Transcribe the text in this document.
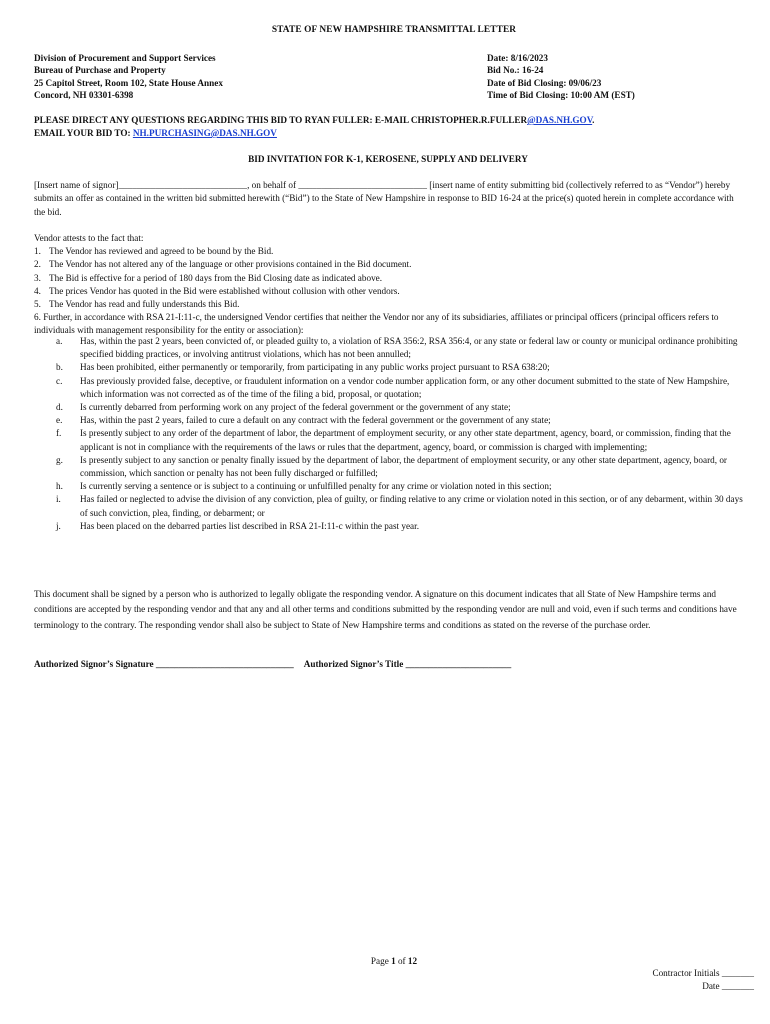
STATE OF NEW HAMPSHIRE TRANSMITTAL LETTER
Division of Procurement and Support Services
Bureau of Purchase and Property
25 Capitol Street, Room 102, State House Annex
Concord, NH 03301-6398
Date: 8/16/2023
Bid No.: 16-24
Date of Bid Closing: 09/06/23
Time of Bid Closing: 10:00 AM (EST)
PLEASE DIRECT ANY QUESTIONS REGARDING THIS BID TO RYAN FULLER: E-MAIL CHRISTOPHER.R.FULLER@DAS.NH.GOV.
EMAIL YOUR BID TO: NH.PURCHASING@DAS.NH.GOV
BID INVITATION FOR K-1, KEROSENE, SUPPLY AND DELIVERY
[Insert name of signor]____________________________, on behalf of ____________________________ [insert name of entity submitting bid (collectively referred to as “Vendor”) hereby submits an offer as contained in the written bid submitted herewith (“Bid”) to the State of New Hampshire in response to BID 16-24 at the price(s) quoted herein in complete accordance with the bid.
Vendor attests to the fact that:
1. The Vendor has reviewed and agreed to be bound by the Bid.
2. The Vendor has not altered any of the language or other provisions contained in the Bid document.
3. The Bid is effective for a period of 180 days from the Bid Closing date as indicated above.
4. The prices Vendor has quoted in the Bid were established without collusion with other vendors.
5. The Vendor has read and fully understands this Bid.
6. Further, in accordance with RSA 21-I:11-c, the undersigned Vendor certifies that neither the Vendor nor any of its subsidiaries, affiliates or principal officers (principal officers refers to individuals with management responsibility for the entity or association):
a. Has, within the past 2 years, been convicted of, or pleaded guilty to, a violation of RSA 356:2, RSA 356:4, or any state or federal law or county or municipal ordinance prohibiting specified bidding practices, or involving antitrust violations, which has not been annulled;
b. Has been prohibited, either permanently or temporarily, from participating in any public works project pursuant to RSA 638:20;
c. Has previously provided false, deceptive, or fraudulent information on a vendor code number application form, or any other document submitted to the state of New Hampshire, which information was not corrected as of the time of the filing a bid, proposal, or quotation;
d. Is currently debarred from performing work on any project of the federal government or the government of any state;
e. Has, within the past 2 years, failed to cure a default on any contract with the federal government or the government of any state;
f. Is presently subject to any order of the department of labor, the department of employment security, or any other state department, agency, board, or commission, finding that the applicant is not in compliance with the requirements of the laws or rules that the department, agency, board, or commission is charged with implementing;
g. Is presently subject to any sanction or penalty finally issued by the department of labor, the department of employment security, or any other state department, agency, board, or commission, which sanction or penalty has not been fully discharged or fulfilled;
h. Is currently serving a sentence or is subject to a continuing or unfulfilled penalty for any crime or violation noted in this section;
i. Has failed or neglected to advise the division of any conviction, plea of guilty, or finding relative to any crime or violation noted in this section, or of any debarment, within 30 days of such conviction, plea, finding, or debarment; or
j. Has been placed on the debarred parties list described in RSA 21-I:11-c within the past year.
This document shall be signed by a person who is authorized to legally obligate the responding vendor. A signature on this document indicates that all State of New Hampshire terms and conditions are accepted by the responding vendor and that any and all other terms and conditions submitted by the responding vendor are null and void, even if such terms and conditions have terminology to the contrary. The responding vendor shall also be subject to State of New Hampshire terms and conditions as stated on the reverse of the purchase order.
Authorized Signor’s Signature ______________________________ Authorized Signor’s Title _______________________
Page 1 of 12
Contractor Initials _______
Date _______
